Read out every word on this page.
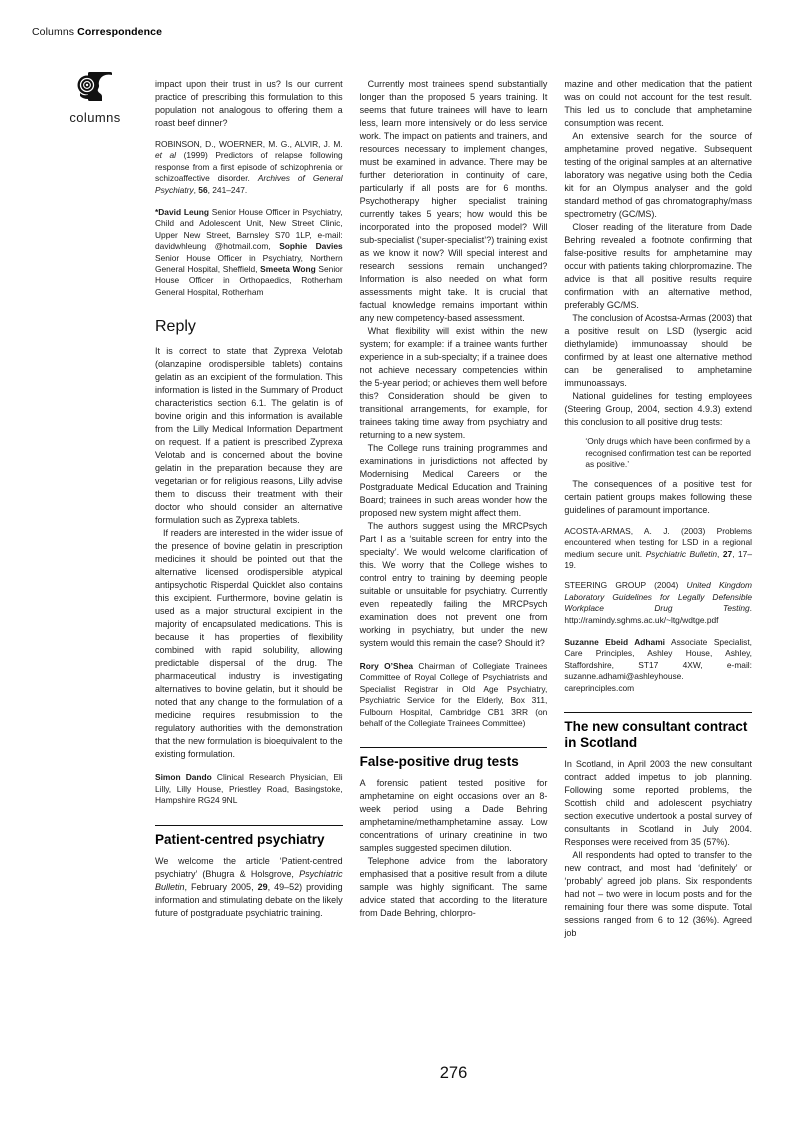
Columns Correspondence
columns
impact upon their trust in us? Is our current practice of prescribing this formulation to this population not analogous to offering them a roast beef dinner?
ROBINSON, D., WOERNER, M. G., ALVIR, J. M. et al (1999) Predictors of relapse following response from a first episode of schizophrenia or schizoaffective disorder. Archives of General Psychiatry, 56, 241–247.
*David Leung Senior House Officer in Psychiatry, Child and Adolescent Unit, New Street Clinic, Upper New Street, Barnsley S70 1LP, e-mail: davidwhleung @hotmail.com, Sophie Davies Senior House Officer in Psychiatry, Northern General Hospital, Sheffield, Smeeta Wong Senior House Officer in Orthopaedics, Rotherham General Hospital, Rotherham
Reply
It is correct to state that Zyprexa Velotab (olanzapine orodispersible tablets) contains gelatin as an excipient of the formulation. This information is listed in the Summary of Product characteristics section 6.1. The gelatin is of bovine origin and this information is available from the Lilly Medical Information Department on request. If a patient is prescribed Zyprexa Velotab and is concerned about the bovine gelatin in the preparation because they are vegetarian or for religious reasons, Lilly advise them to discuss their treatment with their doctor who should consider an alternative formulation such as Zyprexa tablets.
If readers are interested in the wider issue of the presence of bovine gelatin in prescription medicines it should be pointed out that the alternative licensed orodispersible atypical antipsychotic Risperdal Quicklet also contains this excipient. Furthermore, bovine gelatin is used as a major structural excipient in the majority of encapsulated medications. This is because it has properties of flexibility combined with rapid solubility, allowing predictable dispersal of the drug. The pharmaceutical industry is investigating alternatives to bovine gelatin, but it should be noted that any change to the formulation of a medicine requires resubmission to the regulatory authorities with the demonstration that the new formulation is bioequivalent to the existing formulation.
Simon Dando Clinical Research Physician, Eli Lilly, Lilly House, Priestley Road, Basingstoke, Hampshire RG24 9NL
Patient-centred psychiatry
We welcome the article ‘Patient-centred psychiatry’ (Bhugra & Holsgrove, Psychiatric Bulletin, February 2005, 29, 49–52) providing information and stimulating debate on the likely future of postgraduate psychiatric training.
Currently most trainees spend substantially longer than the proposed 5 years training. It seems that future trainees will have to learn less, learn more intensively or do less service work. The impact on patients and trainers, and resources necessary to implement changes, must be examined in advance. There may be further deterioration in continuity of care, particularly if all posts are for 6 months. Psychotherapy higher specialist training currently takes 5 years; how would this be incorporated into the proposed model? Will sub-specialist (‘super-specialist’?) training exist as we know it now? Will special interest and research sessions remain unchanged? Information is also needed on what form assessments might take. It is crucial that factual knowledge remains important within any new competency-based assessment.
What flexibility will exist within the new system; for example: if a trainee wants further experience in a sub-specialty; if a trainee does not achieve necessary competencies within the 5-year period; or achieves them well before this? Consideration should be given to transitional arrangements, for example, for trainees taking time away from psychiatry and returning to a new system.
The College runs training programmes and examinations in jurisdictions not affected by Modernising Medical Careers or the Postgraduate Medical Education and Training Board; trainees in such areas wonder how the proposed new system might affect them.
The authors suggest using the MRCPsych Part I as a ‘suitable screen for entry into the specialty’. We would welcome clarification of this. We worry that the College wishes to control entry to training by deeming people suitable or unsuitable for psychiatry. Currently even repeatedly failing the MRCPsych examination does not prevent one from working in psychiatry, but under the new system would this remain the case? Should it?
Rory O’Shea Chairman of Collegiate Trainees Committee of Royal College of Psychiatrists and Specialist Registrar in Old Age Psychiatry, Psychiatric Service for the Elderly, Box 311, Fulbourn Hospital, Cambridge CB1 3RR (on behalf of the Collegiate Trainees Committee)
False-positive drug tests
A forensic patient tested positive for amphetamine on eight occasions over an 8-week period using a Dade Behring amphetamine/methamphetamine assay. Low concentrations of urinary creatinine in two samples suggested specimen dilution.
Telephone advice from the laboratory emphasised that a positive result from a dilute sample was highly significant. The same advice stated that according to the literature from Dade Behring, chlorpro-
mazine and other medication that the patient was on could not account for the test result. This led us to conclude that amphetamine consumption was recent.
An extensive search for the source of amphetamine proved negative. Subsequent testing of the original samples at an alternative laboratory was negative using both the Cedia kit for an Olympus analyser and the gold standard method of gas chromatography/mass spectrometry (GC/MS).
Closer reading of the literature from Dade Behring revealed a footnote confirming that false-positive results for amphetamine may occur with patients taking chlorpromazine. The advice is that all positive results require confirmation with an alternative method, preferably GC/MS.
The conclusion of Acostsa-Armas (2003) that a positive result on LSD (lysergic acid diethylamide) immunoassay should be confirmed by at least one alternative method can be generalised to amphetamine immunoassays.
National guidelines for testing employees (Steering Group, 2004, section 4.9.3) extend this conclusion to all positive drug tests:
‘Only drugs which have been confirmed by a recognised confirmation test can be reported as positive.’
The consequences of a positive test for certain patient groups makes following these guidelines of paramount importance.
ACOSTA-ARMAS, A. J. (2003) Problems encountered when testing for LSD in a regional medium secure unit. Psychiatric Bulletin, 27, 17–19.
STEERING GROUP (2004) United Kingdom Laboratory Guidelines for Legally Defensible Workplace Drug Testing. http://ramindy.sghms.ac.uk/~ltg/wdtge.pdf
Suzanne Ebeid Adhami Associate Specialist, Care Principles, Ashley House, Ashley, Staffordshire, ST17 4XW, e-mail: suzanne.adhami@ashleyhouse. careprinciples.com
The new consultant contract in Scotland
In Scotland, in April 2003 the new consultant contract added impetus to job planning. Following some reported problems, the Scottish child and adolescent psychiatry section executive undertook a postal survey of consultants in Scotland in July 2004. Responses were received from 35 (57%).
All respondents had opted to transfer to the new contract, and most had ‘definitely’ or ‘probably’ agreed job plans. Six respondents had not – two were in locum posts and for the remaining four there was some dispute. Total sessions ranged from 6 to 12 (36%). Agreed job
276
